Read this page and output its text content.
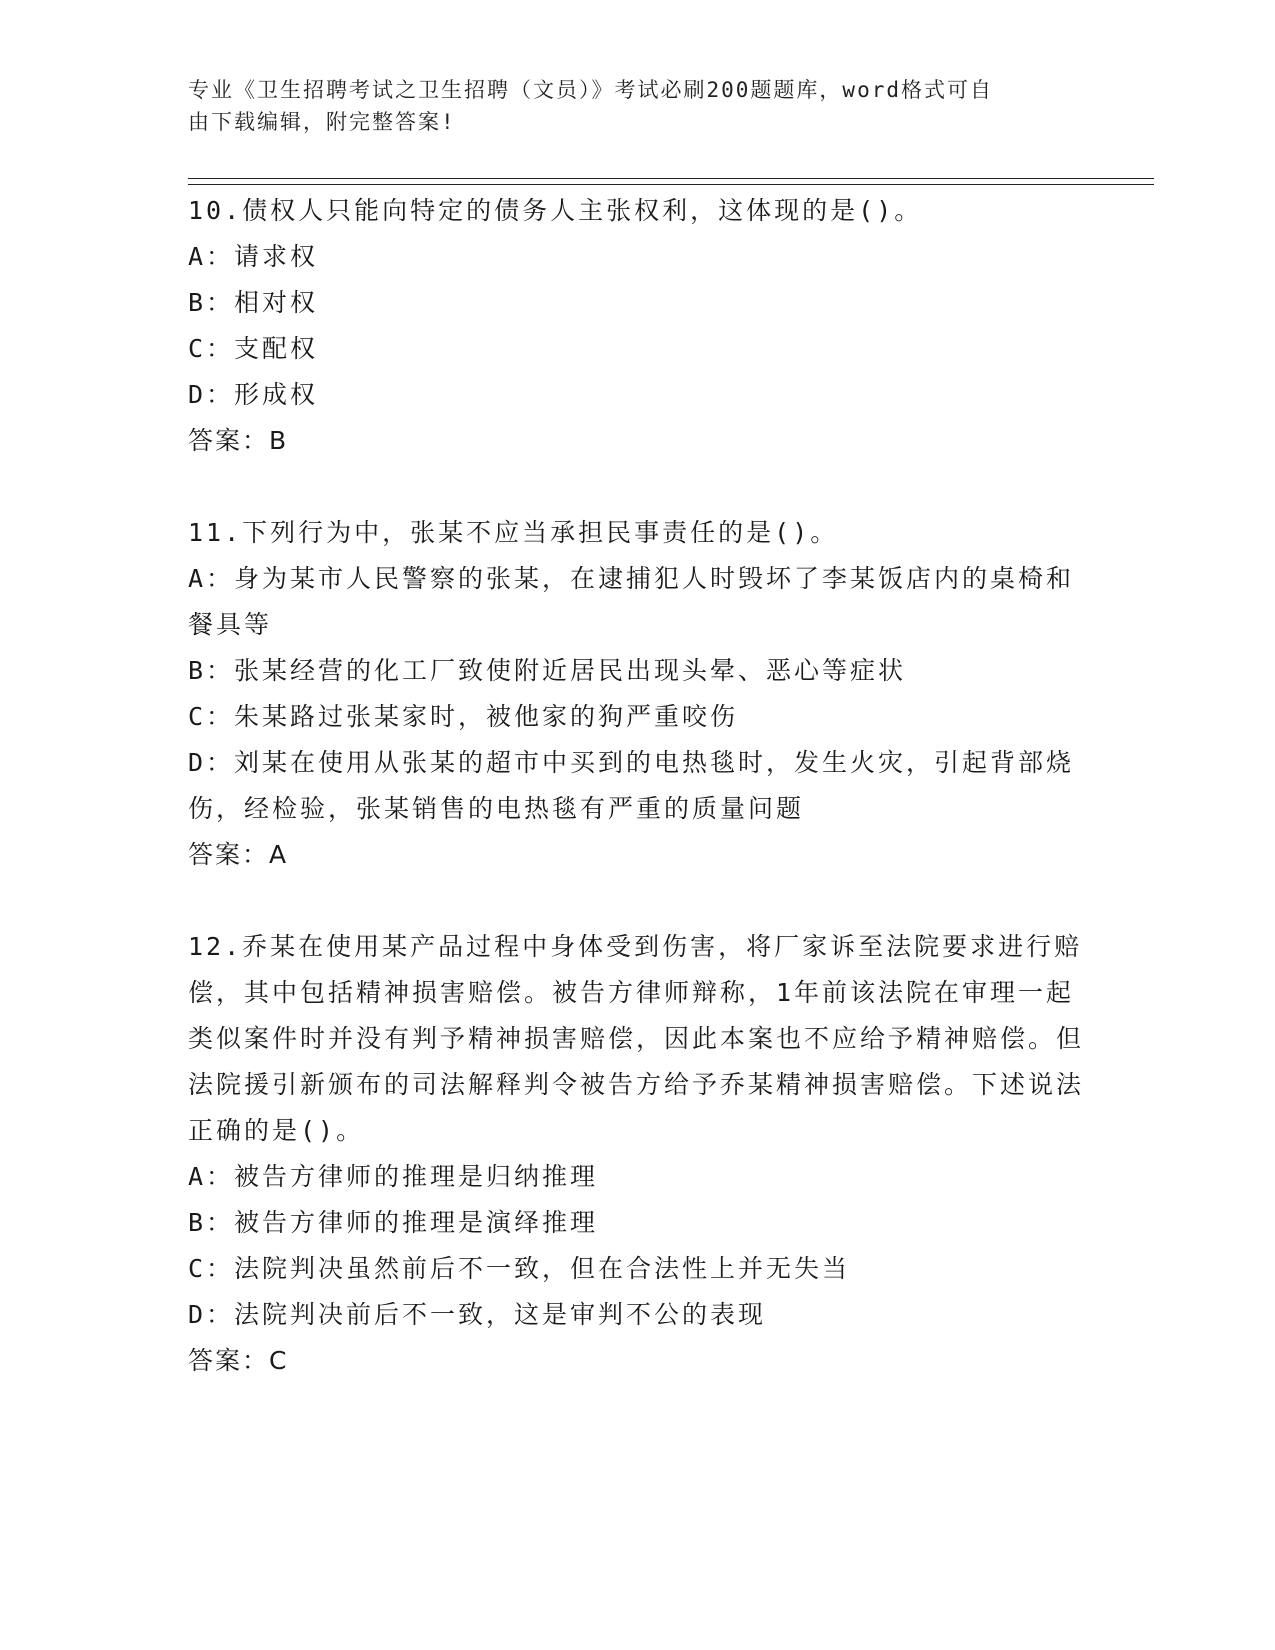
专业《卫生招聘考试之卫生招聘（文员）》考试必刷200题题库，word格式可自
由下载编辑，附完整答案!

10.债权人只能向特定的债务人主张权利，这体现的是()。

A：请求权

B：相对权

C：支配权

D：形成权

答案：B

11.下列行为中，张某不应当承担民事责任的是()。

A：身为某市人民警察的张某，在逮捕犯人时毁坏了李某饭店内的桌椅和餐具等

B：张某经营的化工厂致使附近居民出现头晕、恶心等症状

C：朱某路过张某家时，被他家的狗严重咬伤

D：刘某在使用从张某的超市中买到的电热毯时，发生火灾，引起背部烧伤，经检验，张某销售的电热毯有严重的质量问题

答案：A

12.乔某在使用某产品过程中身体受到伤害，将厂家诉至法院要求进行赔偿，其中包括精神损害赔偿。被告方律师辩称，1年前该法院在审理一起类似案件时并没有判予精神损害赔偿，因此本案也不应给予精神赔偿。但法院援引新颁布的司法解释判令被告方给予乔某精神损害赔偿。下述说法正确的是()。

A：被告方律师的推理是归纳推理

B：被告方律师的推理是演绎推理

C：法院判决虽然前后不一致，但在合法性上并无失当

D：法院判决前后不一致，这是审判不公的表现

答案：C
